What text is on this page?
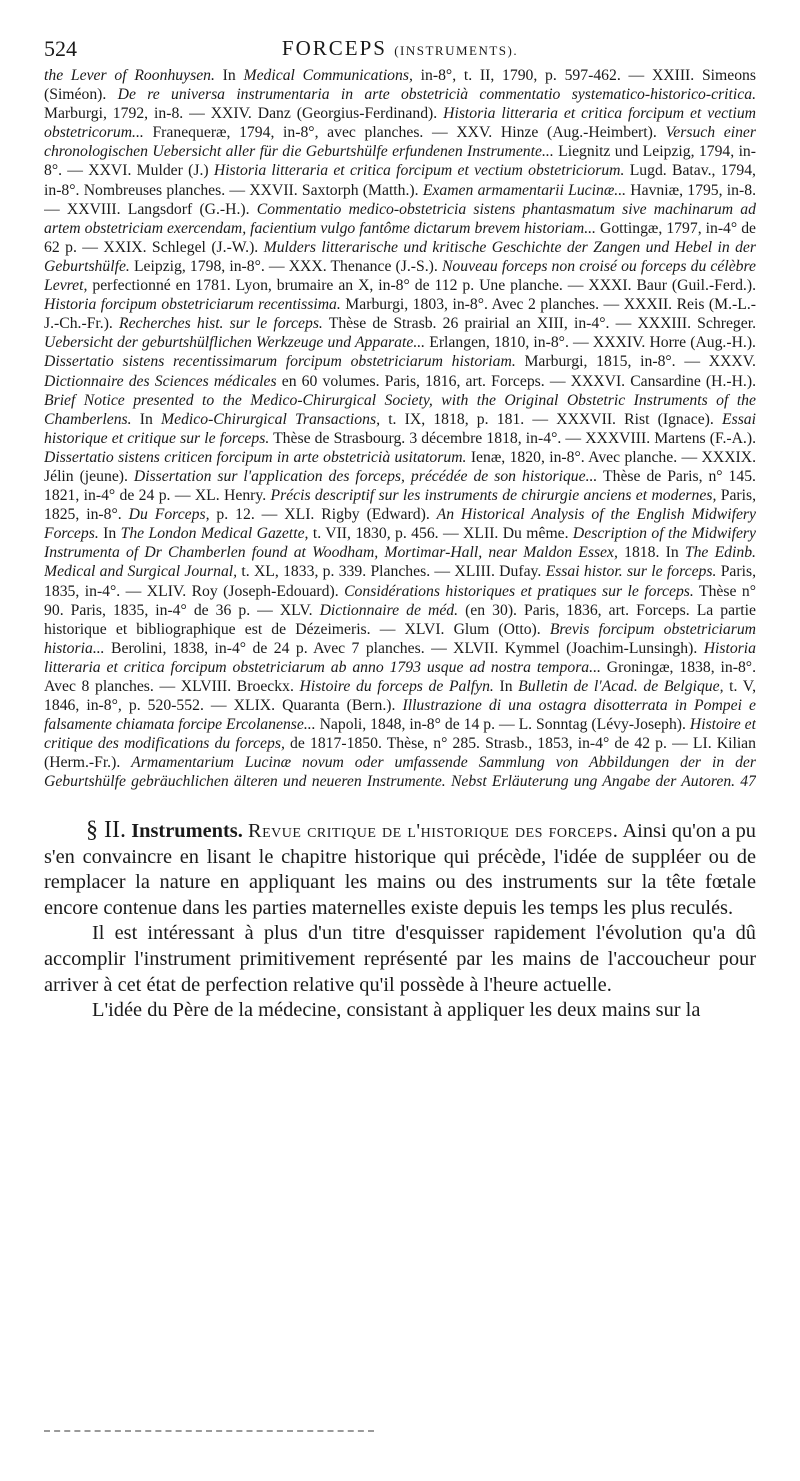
524	FORCEPS (INSTRUMENTS).

the Lever of Roonhuysen. In Medical Communications, in-8°, t. II, 1790, p. 597-462. — XXIII. Simeons (Siméon). De re universa instrumentaria in arte obstetricià commentatio systematico-historico-critica. Marburgi, 1792, in-8. — XXIV. Danz (Georgius-Ferdinand). Historia litteraria et critica forcipum et vectium obstetricorum... Franequeræ, 1794, in-8°, avec planches. — XXV. Hinze (Aug.-Heimbert). Versuch einer chronologischen Uebersicht aller für die Geburtshülfe erfundenen Instrumente... Liegnitz und Leipzig, 1794, in-8°. — XXVI. Mulder (J.) Historia litteraria et critica forcipum et vectium obstetriciorum. Lugd. Batav., 1794, in-8°. Nombreuses planches. — XXVII. Saxtorph (Matth.). Examen armamentarii Lucinæ... Havniæ, 1795, in-8. — XXVIII. Langsdorf (G.-H.). Commentatio medico-obstetricia sistens phantasmatum sive machinarum ad artem obstetriciam exercendam, facientium vulgo fantôme dictarum brevem historiam... Gottingæ, 1797, in-4° de 62 p. — XXIX. Schlegel (J.-W.). Mulders litterarische und kritische Geschichte der Zangen und Hebel in der Geburtshülfe. Leipzig, 1798, in-8°. — XXX. Thenance (J.-S.). Nouveau forceps non croisé ou forceps du célèbre Levret, perfectionné en 1781. Lyon, brumaire an X, in-8° de 112 p. Une planche. — XXXI. Baur (Guil.-Ferd.). Historia forcipum obstetriciarum recentissima. Marburgi, 1803, in-8°. Avec 2 planches. — XXXII. Reis (M.-L.-J.-Ch.-Fr.). Recherches hist. sur le forceps. Thèse de Strasb. 26 prairial an XIII, in-4°. — XXXIII. Schreger. Uebersicht der geburtshülflichen Werkzeuge und Apparate... Erlangen, 1810, in-8°. — XXXIV. Horre (Aug.-H.). Dissertatio sistens recentissimarum forcipum obstetriciarum historiam. Marburgi, 1815, in-8°. — XXXV. Dictionnaire des Sciences médicales en 60 volumes. Paris, 1816, art. Forceps. — XXXVI. Cansardine (H.-H.). Brief Notice presented to the Medico-Chirurgical Society, with the Original Obstetric Instruments of the Chamberlens. In Medico-Chirurgical Transactions, t. IX, 1818, p. 181. — XXXVII. Rist (Ignace). Essai historique et critique sur le forceps. Thèse de Strasbourg. 3 décembre 1818, in-4°. — XXXVIII. Martens (F.-A.). Dissertatio sistens criticen forcipum in arte obstetricià usitatorum. Ienæ, 1820, in-8°. Avec planche. — XXXIX. Jélin (jeune). Dissertation sur l'application des forceps, précédée de son historique... Thèse de Paris, n° 145. 1821, in-4° de 24 p. — XL. Henry. Précis descriptif sur les instruments de chirurgie anciens et modernes, Paris, 1825, in-8°. Du Forceps, p. 12. — XLI. Rigby (Edward). An Historical Analysis of the English Midwifery Forceps. In The London Medical Gazette, t. VII, 1830, p. 456. — XLII. Du même. Description of the Midwifery Instrumenta of Dr Chamberlen found at Woodham, Mortimar-Hall, near Maldon Essex, 1818. In The Edinb. Medical and Surgical Journal, t. XL, 1833, p. 339. Planches. — XLIII. Dufay. Essai histor. sur le forceps. Paris, 1835, in-4°. — XLIV. Roy (Joseph-Edouard). Considérations historiques et pratiques sur le forceps. Thèse n° 90. Paris, 1835, in-4° de 36 p. — XLV. Dictionnaire de méd. (en 30). Paris, 1836, art. Forceps. La partie historique et bibliographique est de Dézeimeris. — XLVI. Glum (Otto). Brevis forcipum obstetriciarum historia... Berolini, 1838, in-4° de 24 p. Avec 7 planches. — XLVII. Kymmel (Joachim-Lunsingh). Historia litteraria et critica forcipum obstetriciarum ab anno 1793 usque ad nostra tempora... Groningæ, 1838, in-8°. Avec 8 planches. — XLVIII. Broeckx. Histoire du forceps de Palfyn. In Bulletin de l'Acad. de Belgique, t. V, 1846, in-8°, p. 520-552. — XLIX. Quaranta (Bern.). Illustrazione di una ostagra disotterrata in Pompei e falsamente chiamata forcipe Ercolanense... Napoli, 1848, in-8° de 14 p. — L. Sonntag (Lévy-Joseph). Histoire et critique des modifications du forceps, de 1817-1850. Thèse, n° 285. Strasb., 1853, in-4° de 42 p. — LI. Kilian (Herm.-Fr.). Armamentarium Lucinæ novum oder umfassende Sammlung von Abbildungen der in der Geburtshülfe gebräuchlichen älteren und neueren Instrumente. Nebst Erläuterung ung Angabe der Autoren. 47

§ II. Instruments. Revue critique de l'historique des forceps. Ainsi qu'on a pu s'en convaincre en lisant le chapitre historique qui précède, l'idée de suppléer ou de remplacer la nature en appliquant les mains ou des instruments sur la tête fœtale encore contenue dans les parties maternelles existe depuis les temps les plus reculés.

Il est intéressant à plus d'un titre d'esquisser rapidement l'évolution qu'a dû accomplir l'instrument primitivement représenté par les mains de l'accoucheur pour arriver à cet état de perfection relative qu'il possède à l'heure actuelle.

L'idée du Père de la médecine, consistant à appliquer les deux mains sur la
